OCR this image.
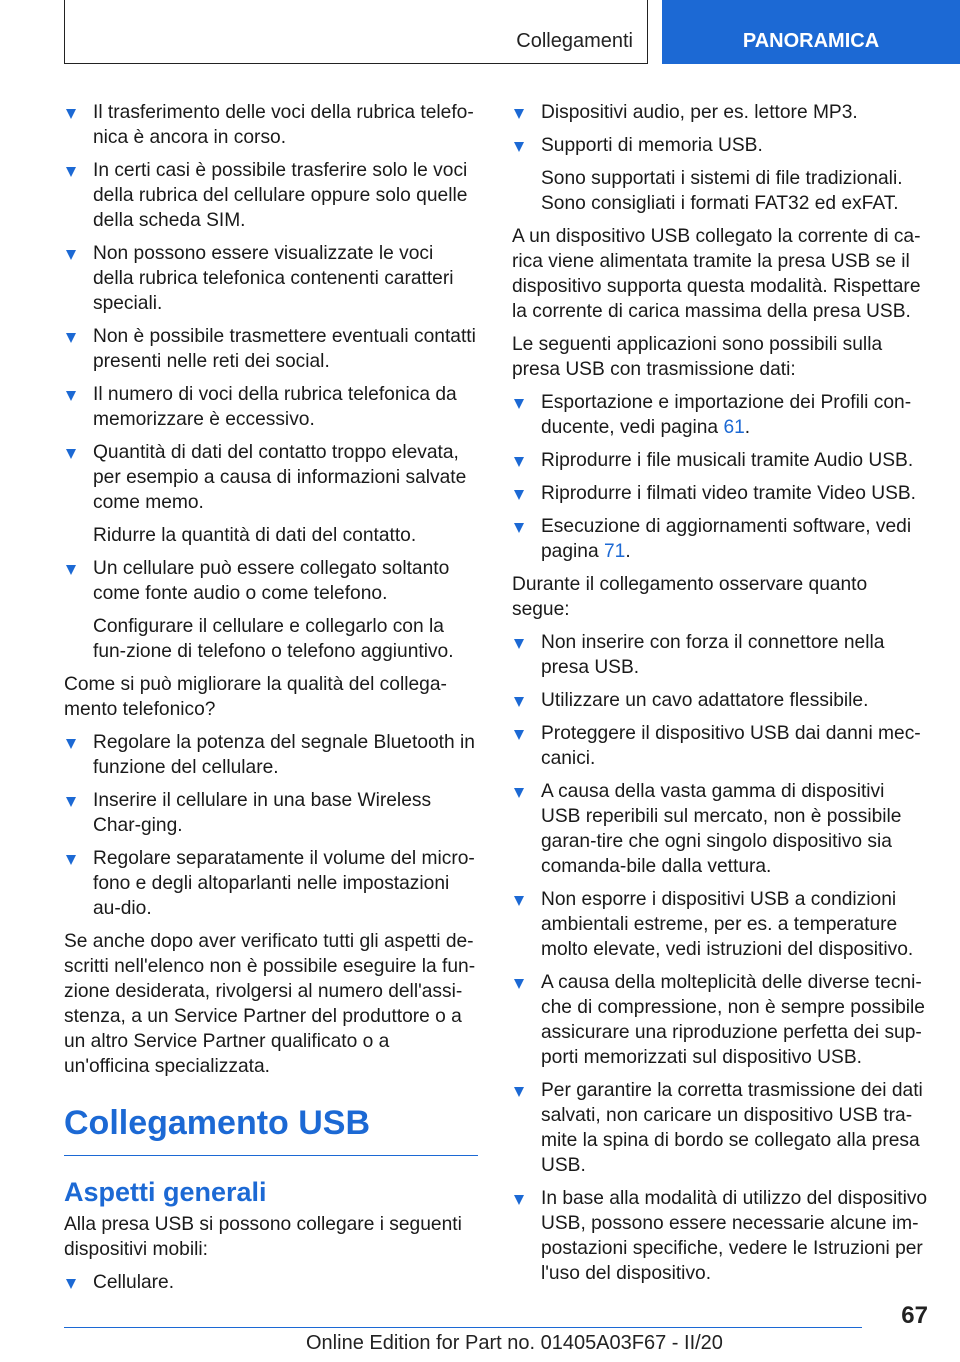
Collegamenti	PANORAMICA
Il trasferimento delle voci della rubrica telefo-nica è ancora in corso.
In certi casi è possibile trasferire solo le voci della rubrica del cellulare oppure solo quelle della scheda SIM.
Non possono essere visualizzate le voci della rubrica telefonica contenenti caratteri speciali.
Non è possibile trasmettere eventuali contatti presenti nelle reti dei social.
Il numero di voci della rubrica telefonica da memorizzare è eccessivo.
Quantità di dati del contatto troppo elevata, per esempio a causa di informazioni salvate come memo.
Ridurre la quantità di dati del contatto.
Un cellulare può essere collegato soltanto come fonte audio o come telefono.
Configurare il cellulare e collegarlo con la fun-zione di telefono o telefono aggiuntivo.

Come si può migliorare la qualità del collega-mento telefonico?

Regolare la potenza del segnale Bluetooth in funzione del cellulare.
Inserire il cellulare in una base Wireless Char-ging.
Regolare separatamente il volume del micro-fono e degli altoparlanti nelle impostazioni au-dio.

Se anche dopo aver verificato tutti gli aspetti de-scritti nell'elenco non è possibile eseguire la fun-zione desiderata, rivolgersi al numero dell'assi-stenza, a un Service Partner del produttore o a un altro Service Partner qualificato o a un'officina specializzata.

Collegamento USB
Aspetti generali

Alla presa USB si possono collegare i seguenti dispositivi mobili:

Cellulare.
Dispositivi audio, per es. lettore MP3.
Supporti di memoria USB.
Sono supportati i sistemi di file tradizionali. Sono consigliati i formati FAT32 ed exFAT.

A un dispositivo USB collegato la corrente di ca-rica viene alimentata tramite la presa USB se il dispositivo supporta questa modalità. Rispettare la corrente di carica massima della presa USB.

Le seguenti applicazioni sono possibili sulla presa USB con trasmissione dati:

Esportazione e importazione dei Profili con-ducente, vedi pagina 61.
Riprodurre i file musicali tramite Audio USB.
Riprodurre i filmati video tramite Video USB.
Esecuzione di aggiornamenti software, vedi pagina 71.

Durante il collegamento osservare quanto segue:

Non inserire con forza il connettore nella presa USB.
Utilizzare un cavo adattatore flessibile.
Proteggere il dispositivo USB dai danni mec-canici.
A causa della vasta gamma di dispositivi USB reperibili sul mercato, non è possibile garan-tire che ogni singolo dispositivo sia comanda-bile dalla vettura.
Non esporre i dispositivi USB a condizioni ambientali estreme, per es. a temperature molto elevate, vedi istruzioni del dispositivo.
A causa della molteplicità delle diverse tecni-che di compressione, non è sempre possibile assicurare una riproduzione perfetta dei sup-porti memorizzati sul dispositivo USB.
Per garantire la corretta trasmissione dei dati salvati, non caricare un dispositivo USB tra-mite la spina di bordo se collegato alla presa USB.
In base alla modalità di utilizzo del dispositivo USB, possono essere necessarie alcune im-postazioni specifiche, vedere le Istruzioni per l'uso del dispositivo.
67
Online Edition for Part no. 01405A03F67 - II/20
